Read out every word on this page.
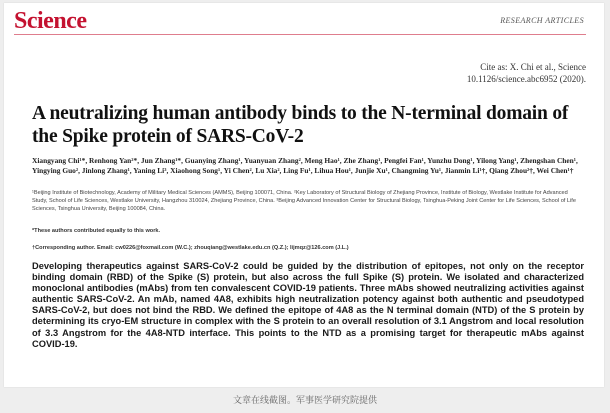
Science	RESEARCH ARTICLES
Cite as: X. Chi et al., Science
10.1126/science.abc6952 (2020).
A neutralizing human antibody binds to the N-terminal domain of the Spike protein of SARS-CoV-2
Xiangyang Chi¹*, Renhong Yan²*, Jun Zhang¹*, Guanying Zhang¹, Yuanyuan Zhang², Meng Hao¹, Zhe Zhang¹, Pengfei Fan¹, Yunzhu Dong¹, Yilong Yang¹, Zhengshan Chen¹, Yingying Guo², Jinlong Zhang¹, Yaning Li³, Xiaohong Song¹, Yi Chen², Lu Xia², Ling Fu¹, Lihua Hou¹, Junjie Xu¹, Changming Yu¹, Jianmin Li¹†, Qiang Zhou²†, Wei Chen¹†
¹Beijing Institute of Biotechnology, Academy of Military Medical Sciences (AMMS), Beijing 100071, China. ²Key Laboratory of Structural Biology of Zhejiang Province, Institute of Biology, Westlake Institute for Advanced Study, School of Life Sciences, Westlake University, Hangzhou 310024, Zhejiang Province, China. ³Beijing Advanced Innovation Center for Structural Biology, Tsinghua-Peking Joint Center for Life Sciences, School of Life Sciences, Tsinghua University, Beijing 100084, China.
*These authors contributed equally to this work.
†Corresponding author. Email: cw0226@foxmail.com (W.C.); zhouqiang@westlake.edu.cn (Q.Z.); lijmqz@126.com (J.L.)
Developing therapeutics against SARS-CoV-2 could be guided by the distribution of epitopes, not only on the receptor binding domain (RBD) of the Spike (S) protein, but also across the full Spike (S) protein. We isolated and characterized monoclonal antibodies (mAbs) from ten convalescent COVID-19 patients. Three mAbs showed neutralizing activities against authentic SARS-CoV-2. An mAb, named 4A8, exhibits high neutralization potency against both authentic and pseudotyped SARS-CoV-2, but does not bind the RBD. We defined the epitope of 4A8 as the N terminal domain (NTD) of the S protein by determining its cryo-EM structure in complex with the S protein to an overall resolution of 3.1 Angstrom and local resolution of 3.3 Angstrom for the 4A8-NTD interface. This points to the NTD as a promising target for therapeutic mAbs against COVID-19.
文章在线截图。军事医学研究院提供
